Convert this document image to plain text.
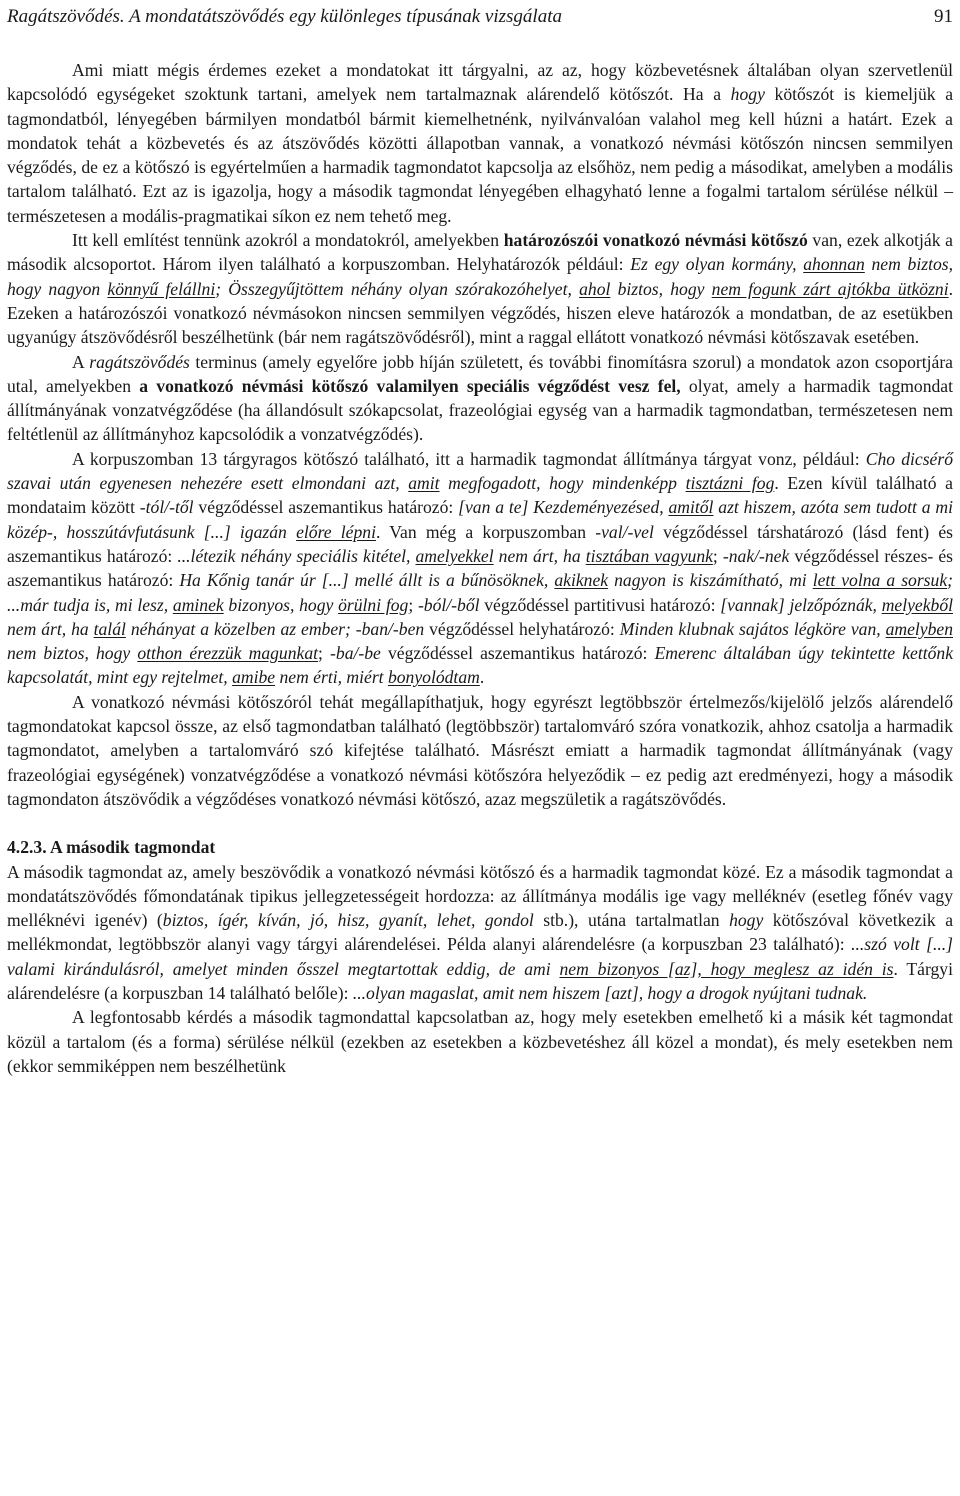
Ragátszövődés. A mondatátszövődés egy különleges típusának vizsgálata	91

Ami miatt mégis érdemes ezeket a mondatokat itt tárgyalni, az az, hogy közbevetésnek általában olyan szervetlenül kapcsolódó egységeket szoktunk tartani, amelyek nem tartalmaznak alárendelő kötőszót. Ha a hogy kötőszót is kiemeljük a tagmondatból, lényegében bármilyen mondatból bármit kiemelhetnénk, nyilvánvalóan valahol meg kell húzni a határt. Ezek a mondatok tehát a közbevetés és az átszövődés közötti állapotban vannak, a vonatkozó névmási kötőszón nincsen semmilyen végződés, de ez a kötőszó is egyértelműen a harmadik tagmondatot kapcsolja az elsőhöz, nem pedig a másodikat, amelyben a modális tartalom található. Ezt az is igazolja, hogy a második tagmondat lényegében elhagyható lenne a fogalmi tartalom sérülése nélkül – természetesen a modális-pragmatikai síkon ez nem tehető meg.

Itt kell említést tennünk azokról a mondatokról, amelyekben határozószói vonatkozó névmási kötőszó van, ezek alkotják a második alcsoportot. Három ilyen található a korpuszomban. Helyhatározók például: Ez egy olyan kormány, ahonnan nem biztos, hogy nagyon könnyű felállni; Összegyűjtöttem néhány olyan szórakozóhelyet, ahol biztos, hogy nem fogunk zárt ajtókba ütközni. Ezeken a határozószói vonatkozó névmásokon nincsen semmilyen végződés, hiszen eleve határozók a mondatban, de az esetükben ugyanúgy átszövődésről beszélhetünk (bár nem ragátszövődésről), mint a raggal ellátott vonatkozó névmási kötőszavak esetében.

A ragátszövődés terminus (amely egyelőre jobb híján született, és további finomításra szorul) a mondatok azon csoportjára utal, amelyekben a vonatkozó névmási kötőszó valamilyen speciális végződést vesz fel, olyat, amely a harmadik tagmondat állítmányának vonzatvégződése (ha állandósult szókapcsolat, frazeológiai egység van a harmadik tagmondatban, természetesen nem feltétlenül az állítmányhoz kapcsolódik a vonzatvégződés).

A korpuszomban 13 tárgyragos kötőszó található, itt a harmadik tagmondat állítmánya tárgyat vonz, például: Cho dicsérő szavai után egyenesen nehezére esett elmondani azt, amit megfogadott, hogy mindenképp tisztázni fog. Ezen kívül található a mondataim között -tól/-től végződéssel aszemantikus határozó: [van a te] Kezdeményezésed, amitől azt hiszem, azóta sem tudott a mi közép-, hosszútávfutásunk [...] igazán előre lépni. Van még a korpuszomban -val/-vel végződéssel társhatározó (lásd fent) és aszemantikus határozó: ...létezik néhány speciális kitétel, amelyekkel nem árt, ha tisztában vagyunk; -nak/-nek végződéssel részes- és aszemantikus határozó: Ha Kőnig tanár úr [...] mellé állt is a bűnösöknek, akiknek nagyon is kiszámítható, mi lett volna a sorsuk; ...már tudja is, mi lesz, aminek bizonyos, hogy örülni fog; -ból/-ből végződéssel partitivusi határozó: [vannak] jelzőpóznák, melyekből nem árt, ha talál néhányat a közelben az ember; -ban/-ben végződéssel helyhatározó: Minden klubnak sajátos légköre van, amelyben nem biztos, hogy otthon érezzük magunkat; -ba/-be végződéssel aszemantikus határozó: Emerenc általában úgy tekintette kettőnk kapcsolatát, mint egy rejtelmet, amibe nem érti, miért bonyolódtam.

A vonatkozó névmási kötőszóról tehát megállapíthatjuk, hogy egyrészt legtöbbször értelmezős/kijelölő jelzős alárendelő tagmondatokat kapcsol össze, az első tagmondatban található (legtöbbször) tartalomváró szóra vonatkozik, ahhoz csatolja a harmadik tagmondatot, amelyben a tartalomváró szó kifejtése található. Másrészt emiatt a harmadik tagmondat állítmányának (vagy frazeológiai egységének) vonzatvégződése a vonatkozó névmási kötőszóra helyeződik – ez pedig azt eredményezi, hogy a második tagmondaton átszövődik a végződéses vonatkozó névmási kötőszó, azaz megszületik a ragátszövődés.

4.2.3. A második tagmondat

A második tagmondat az, amely beszövődik a vonatkozó névmási kötőszó és a harmadik tagmondat közé. Ez a második tagmondat a mondatátszövődés főmondatának tipikus jellegzetességeit hordozza: az állítmánya modális ige vagy melléknév (esetleg főnév vagy melléknévi igenév) (biztos, ígér, kíván, jó, hisz, gyanít, lehet, gondol stb.), utána tartalmatlan hogy kötőszóval következik a mellékmondat, legtöbbször alanyi vagy tárgyi alárendelései. Példa alanyi alárendelésre (a korpuszban 23 található): ...szó volt [...] valami kirándulásról, amelyet minden ősszel megtartottak eddig, de ami nem bizonyos [az], hogy meglesz az idén is. Tárgyi alárendelésre (a korpuszban 14 található belőle): ...olyan magaslat, amit nem hiszem [azt], hogy a drogok nyújtani tudnak.

A legfontosabb kérdés a második tagmondattal kapcsolatban az, hogy mely esetekben emelhető ki a másik két tagmondat közül a tartalom (és a forma) sérülése nélkül (ezekben az esetekben a közbevetéshez áll közel a mondat), és mely esetekben nem (ekkor semmiképpen nem beszélhetünk
